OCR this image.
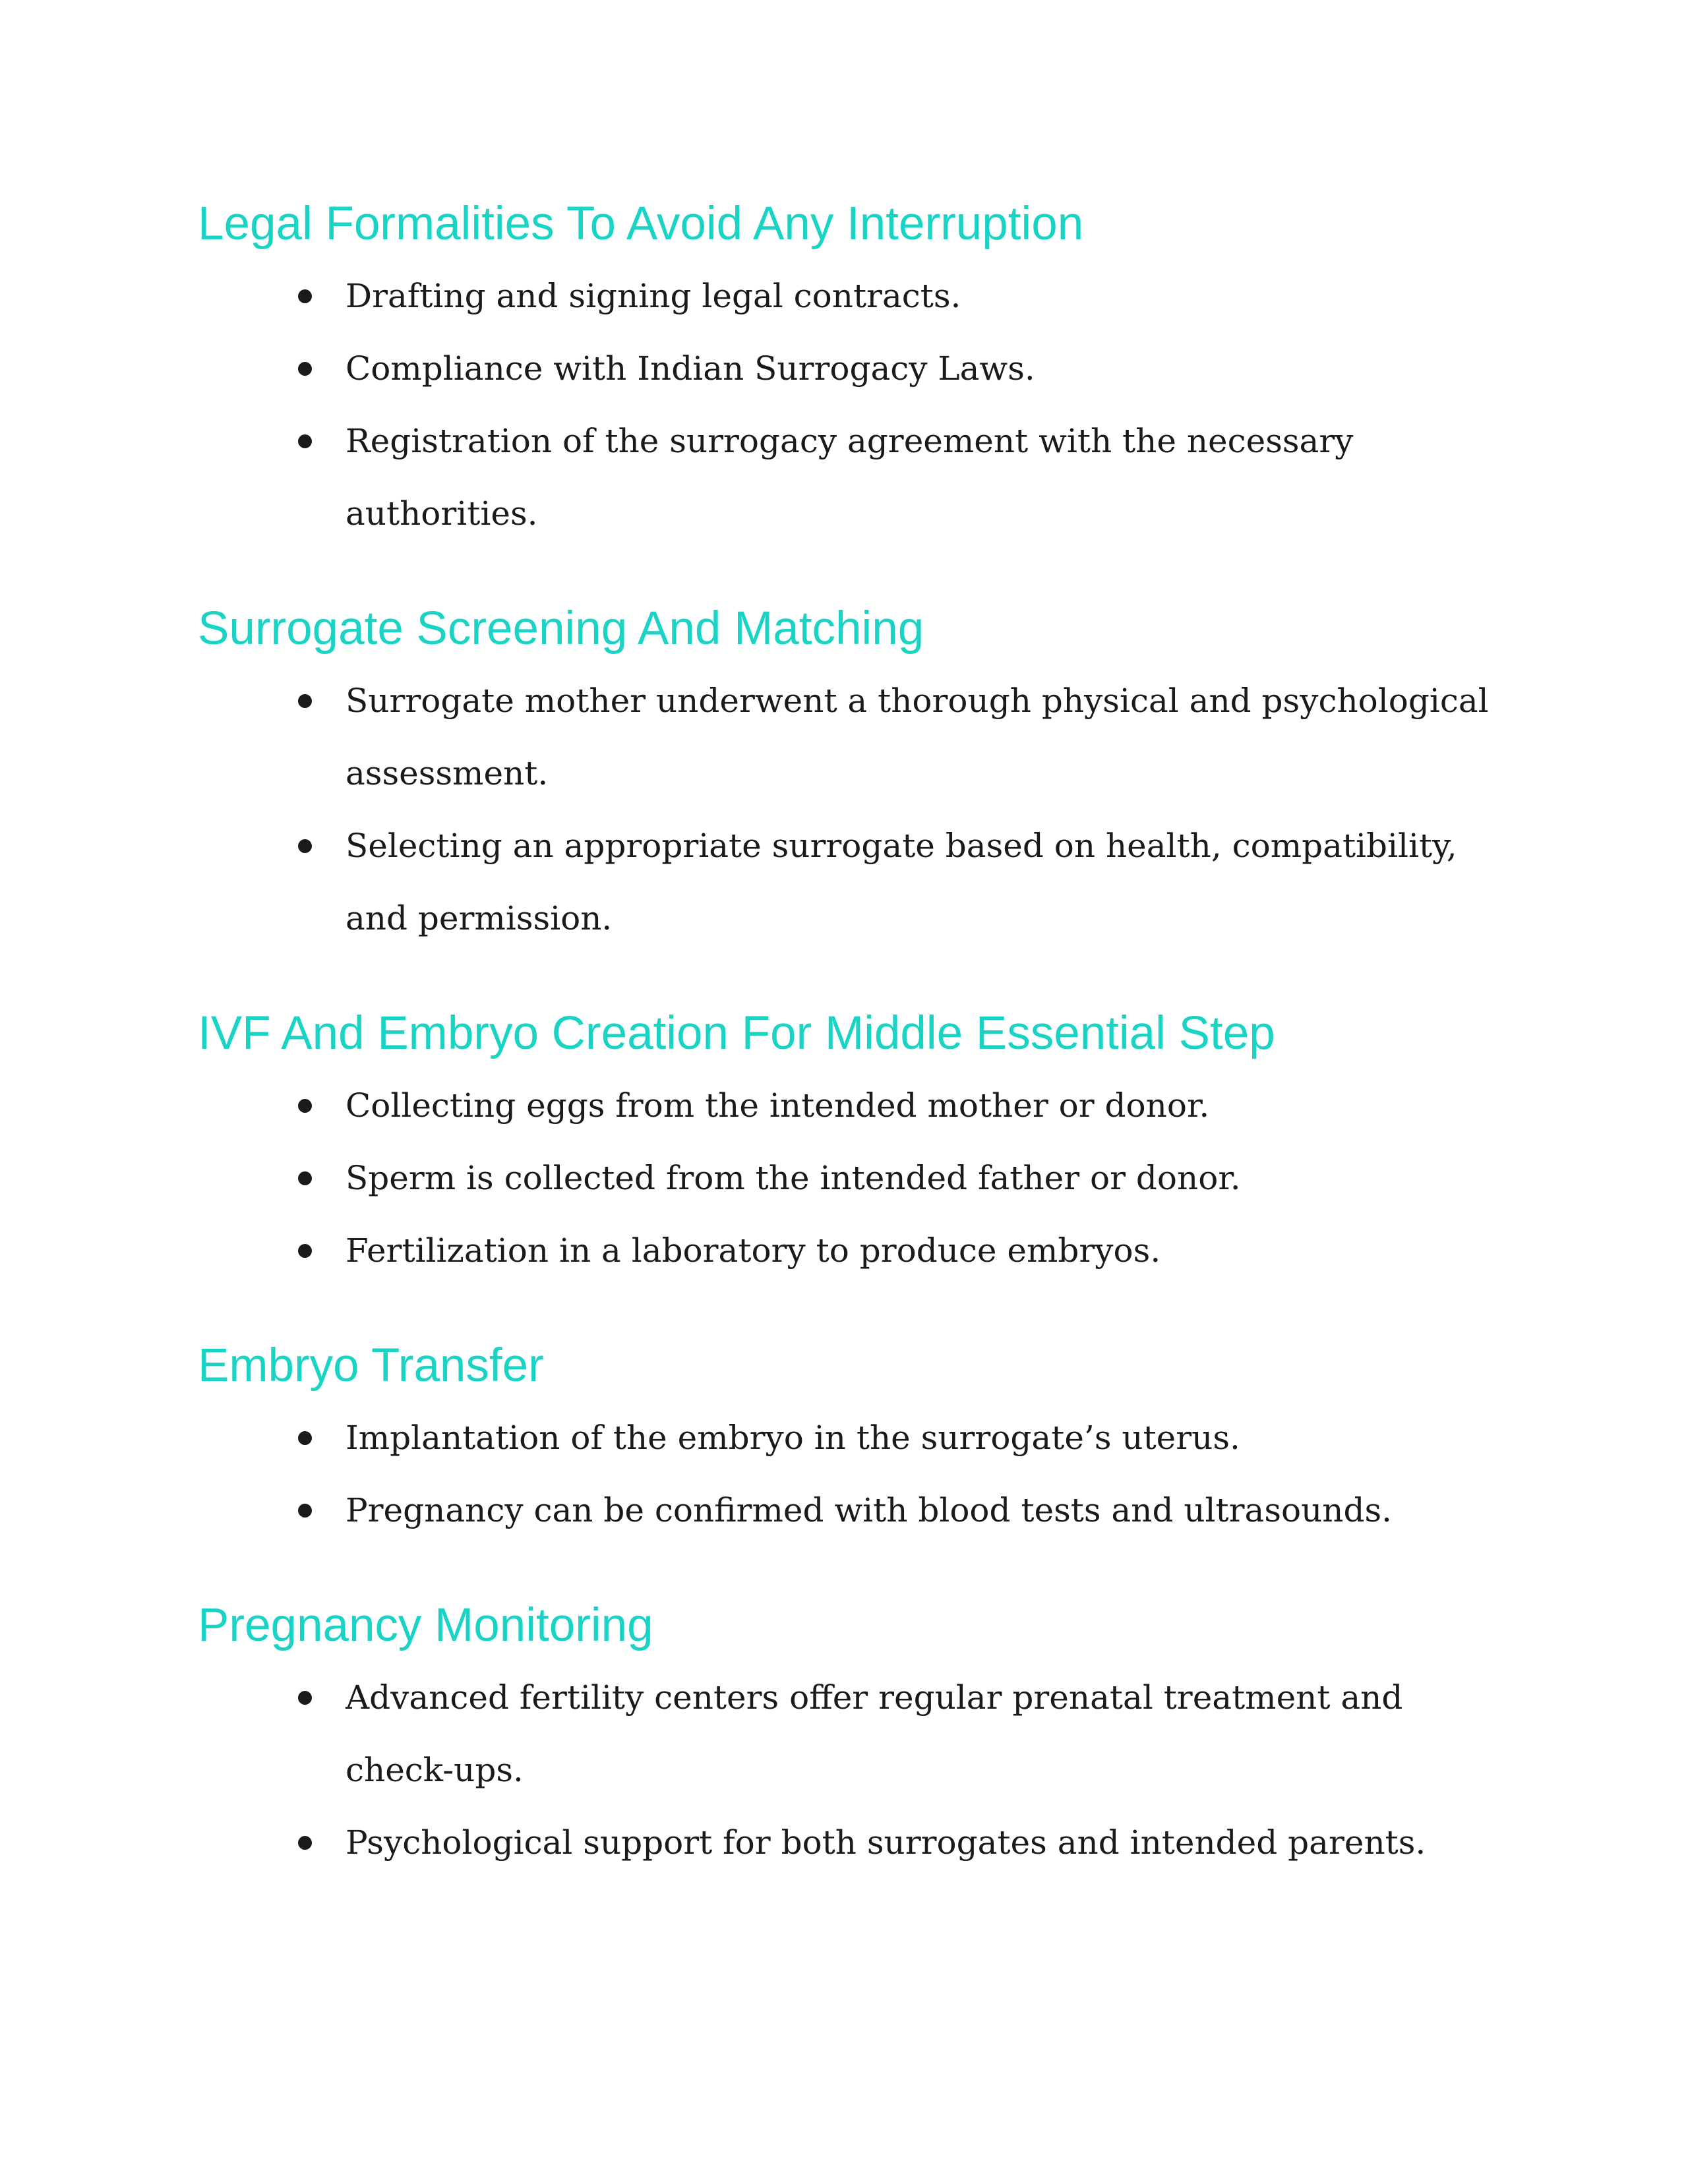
Legal Formalities To Avoid Any Interruption
Drafting and signing legal contracts.
Compliance with Indian Surrogacy Laws.
Registration of the surrogacy agreement with the necessary authorities.
Surrogate Screening And Matching
Surrogate mother underwent a thorough physical and psychological assessment.
Selecting an appropriate surrogate based on health, compatibility, and permission.
IVF And Embryo Creation For Middle Essential Step
Collecting eggs from the intended mother or donor.
Sperm is collected from the intended father or donor.
Fertilization in a laboratory to produce embryos.
Embryo Transfer
Implantation of the embryo in the surrogate’s uterus.
Pregnancy can be confirmed with blood tests and ultrasounds.
Pregnancy Monitoring
Advanced fertility centers offer regular prenatal treatment and check-ups.
Psychological support for both surrogates and intended parents.
